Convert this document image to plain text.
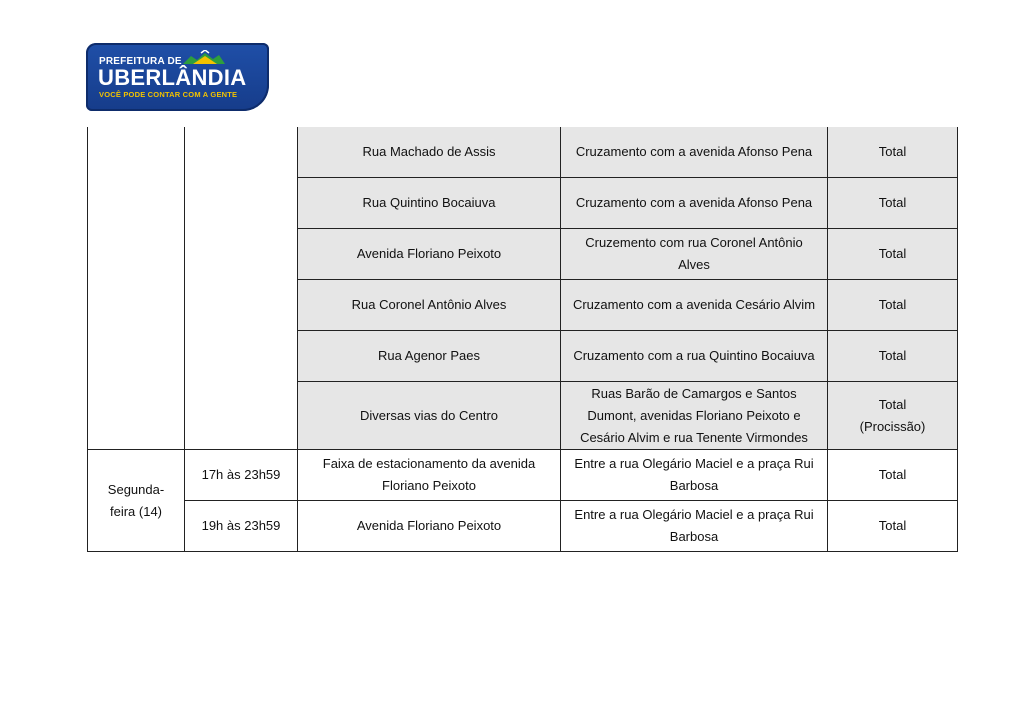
PREFEITURA DE
UBERLÂNDIA
VOCÊ PODE CONTAR COM A GENTE
		Rua Machado de Assis	Cruzamento com a avenida Afonso Pena	Total
		Rua Quintino Bocaiuva	Cruzamento com a avenida Afonso Pena	Total
		Avenida Floriano Peixoto	Cruzemento com rua Coronel Antônio Alves	Total
		Rua Coronel Antônio Alves	Cruzamento com a avenida Cesário Alvim	Total
		Rua Agenor Paes	Cruzamento com a rua Quintino Bocaiuva	Total
		Diversas vias do Centro	Ruas Barão de Camargos e Santos Dumont, avenidas Floriano Peixoto e Cesário Alvim e rua Tenente Virmondes	Total (Procissão)
Segunda-feira (14)	17h às 23h59	Faixa de estacionamento da avenida Floriano Peixoto	Entre a rua Olegário Maciel e a praça Rui Barbosa	Total
	19h às 23h59	Avenida Floriano Peixoto	Entre a rua Olegário Maciel e a praça Rui Barbosa	Total
